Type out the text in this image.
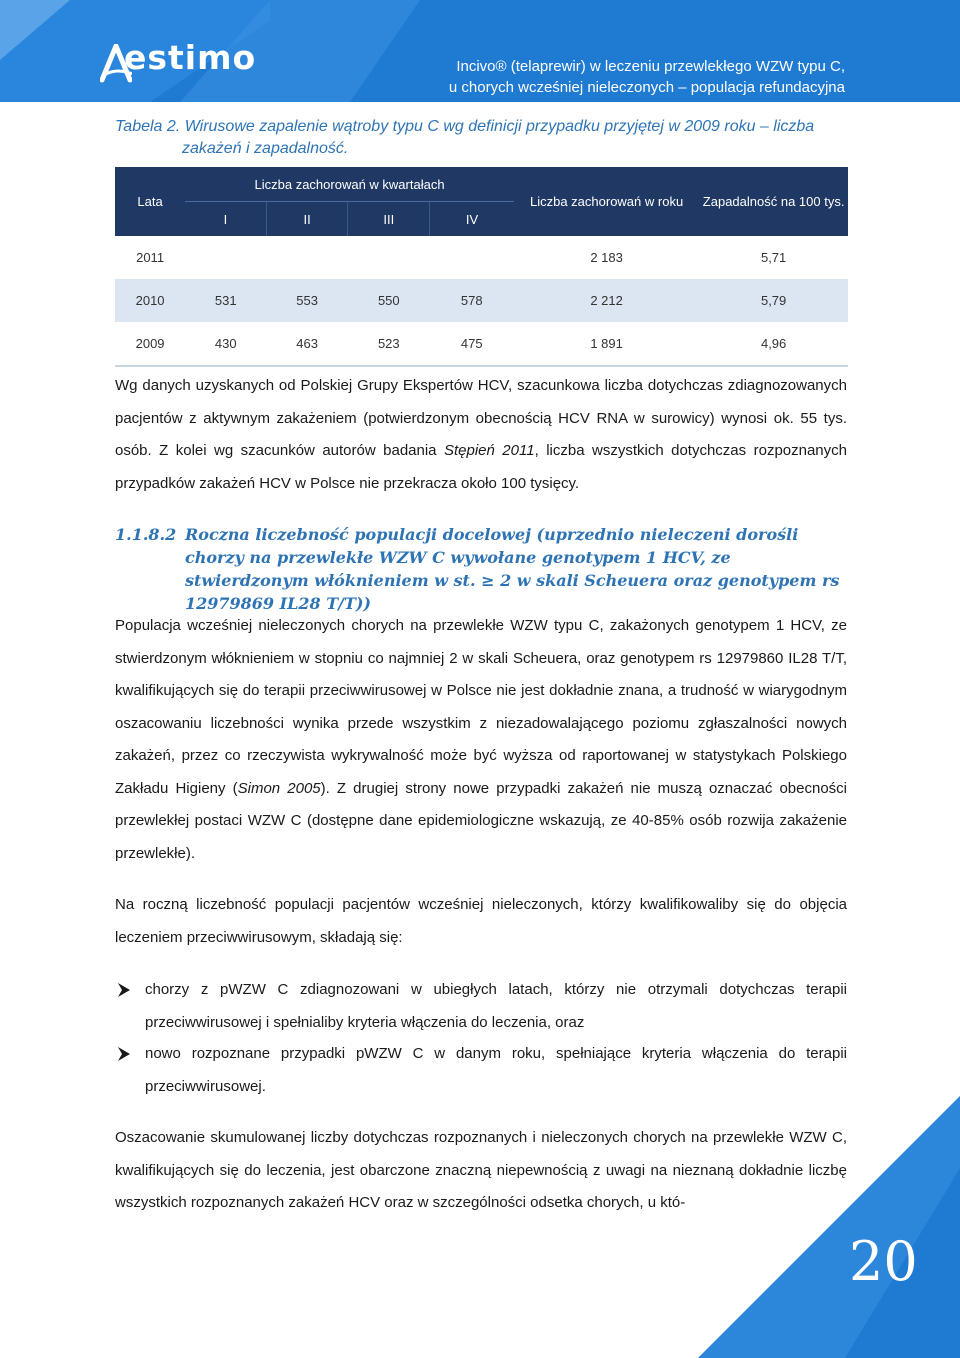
estimo	Incivo® (telaprewir) w leczeniu przewlekłego WZW typu C,
u chorych wcześniej nieleczonych – populacja refundacyjna
Tabela 2. Wirusowe zapalenie wątroby typu C wg definicji przypadku przyjętej w 2009 roku – liczba
zakażeń i zapadalność.
Lata	Liczba zachorowań w kwartałach				Liczba zachorowań w roku	Zapadalność na 100 tys.
	I	II	III	IV		
2011					2 183	5,71
2010	531	553	550	578	2 212	5,79
2009	430	463	523	475	1 891	4,96
Wg danych uzyskanych od Polskiej Grupy Ekspertów HCV, szacunkowa liczba dotychczas zdiagnozowanych pacjentów z aktywnym zakażeniem (potwierdzonym obecnością HCV RNA w surowicy) wynosi ok. 55 tys. osób. Z kolei wg szacunków autorów badania Stępień 2011, liczba wszystkich dotychczas rozpoznanych przypadków zakażeń HCV w Polsce nie przekracza około 100 tysięcy.
1.1.8.2 Roczna liczebność populacji docelowej (uprzednio nieleczeni dorośli chorzy na przewlekłe WZW C wywołane genotypem 1 HCV, ze stwierdzonym włóknieniem w st. ≥ 2 w skali Scheuera oraz genotypem rs 12979869 IL28 T/T))
Populacja wcześniej nieleczonych chorych na przewlekłe WZW typu C, zakażonych genotypem 1 HCV, ze stwierdzonym włóknieniem w stopniu co najmniej 2 w skali Scheuera, oraz genotypem rs 12979860 IL28 T/T, kwalifikujących się do terapii przeciwwirusowej w Polsce nie jest dokładnie znana, a trudność w wiarygodnym oszacowaniu liczebności wynika przede wszystkim z niezadowalającego poziomu zgłaszalności nowych zakażeń, przez co rzeczywista wykrywalność może być wyższa od raportowanej w statystykach Polskiego Zakładu Higieny (Simon 2005). Z drugiej strony nowe przypadki zakażeń nie muszą oznaczać obecności przewlekłej postaci WZW C (dostępne dane epidemiologiczne wskazują, ze 40-85% osób rozwija zakażenie przewlekłe).
Na roczną liczebność populacji pacjentów wcześniej nieleczonych, którzy kwalifikowaliby się do objęcia leczeniem przeciwwirusowym, składają się:
chorzy z pWZW C zdiagnozowani w ubiegłych latach, którzy nie otrzymali dotychczas terapii przeciwwirusowej i spełnialiby kryteria włączenia do leczenia, oraz
nowo rozpoznane przypadki pWZW C w danym roku, spełniające kryteria włączenia do terapii przeciwwirusowej.
Oszacowanie skumulowanej liczby dotychczas rozpoznanych i nieleczonych chorych na przewlekłe WZW C, kwalifikujących się do leczenia, jest obarczone znaczną niepewnością z uwagi na nieznaną dokładnie liczbę wszystkich rozpoznanych zakażeń HCV oraz w szczególności odsetka chorych, u któ-
20
